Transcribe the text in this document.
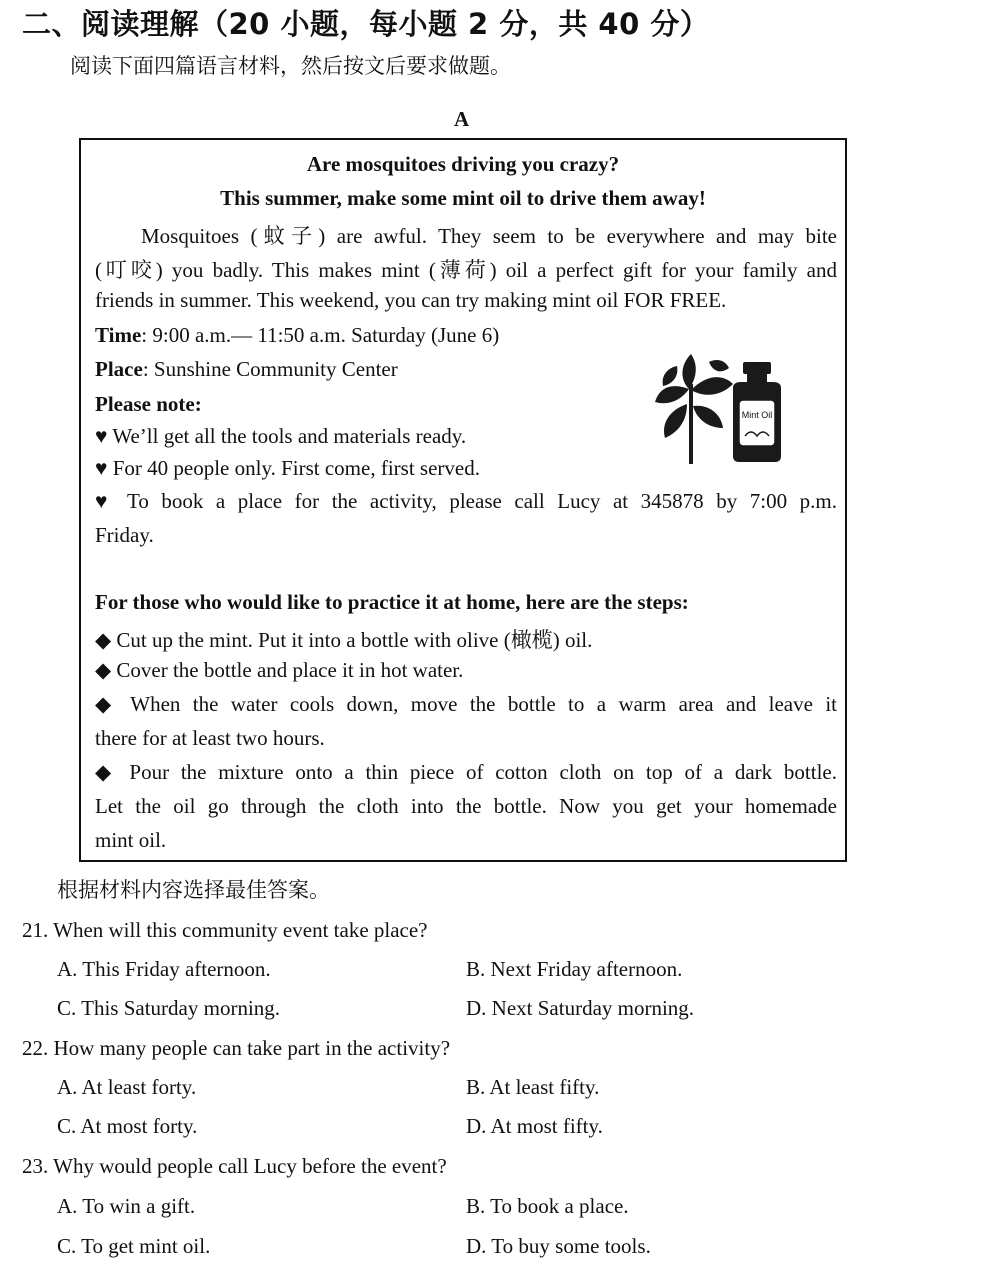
二、阅读理解（20 小题，每小题 2 分，共 40 分）
阅读下面四篇语言材料，然后按文后要求做题。
A
Are mosquitoes driving you crazy?
This summer, make some mint oil to drive them away!
Mosquitoes (蚊子) are awful. They seem to be everywhere and may bite
(叮咬) you badly. This makes mint (薄荷) oil a perfect gift for your family and
friends in summer. This weekend, you can try making mint oil FOR FREE.
Time: 9:00 a.m.— 11:50 a.m. Saturday (June 6)
Place: Sunshine Community Center
Please note:
♥ We’ll get all the tools and materials ready.
♥ For 40 people only. First come, first served.
♥ To book a place for the activity, please call Lucy at 345878 by 7:00 p.m.
Friday.
For those who would like to practice it at home, here are the steps:
◆ Cut up the mint. Put it into a bottle with olive (橄榄) oil.
◆ Cover the bottle and place it in hot water.
◆ When the water cools down, move the bottle to a warm area and leave it
there for at least two hours.
◆ Pour the mixture onto a thin piece of cotton cloth on top of a dark bottle.
Let the oil go through the cloth into the bottle. Now you get your homemade
mint oil.
Mint Oil
根据材料内容选择最佳答案。
21. When will this community event take place?
A. This Friday afternoon.	B. Next Friday afternoon.
C. This Saturday morning.	D. Next Saturday morning.
22. How many people can take part in the activity?
A. At least forty.	B. At least fifty.
C. At most forty.	D. At most fifty.
23. Why would people call Lucy before the event?
A. To win a gift.	B. To book a place.
C. To get mint oil.	D. To buy some tools.
